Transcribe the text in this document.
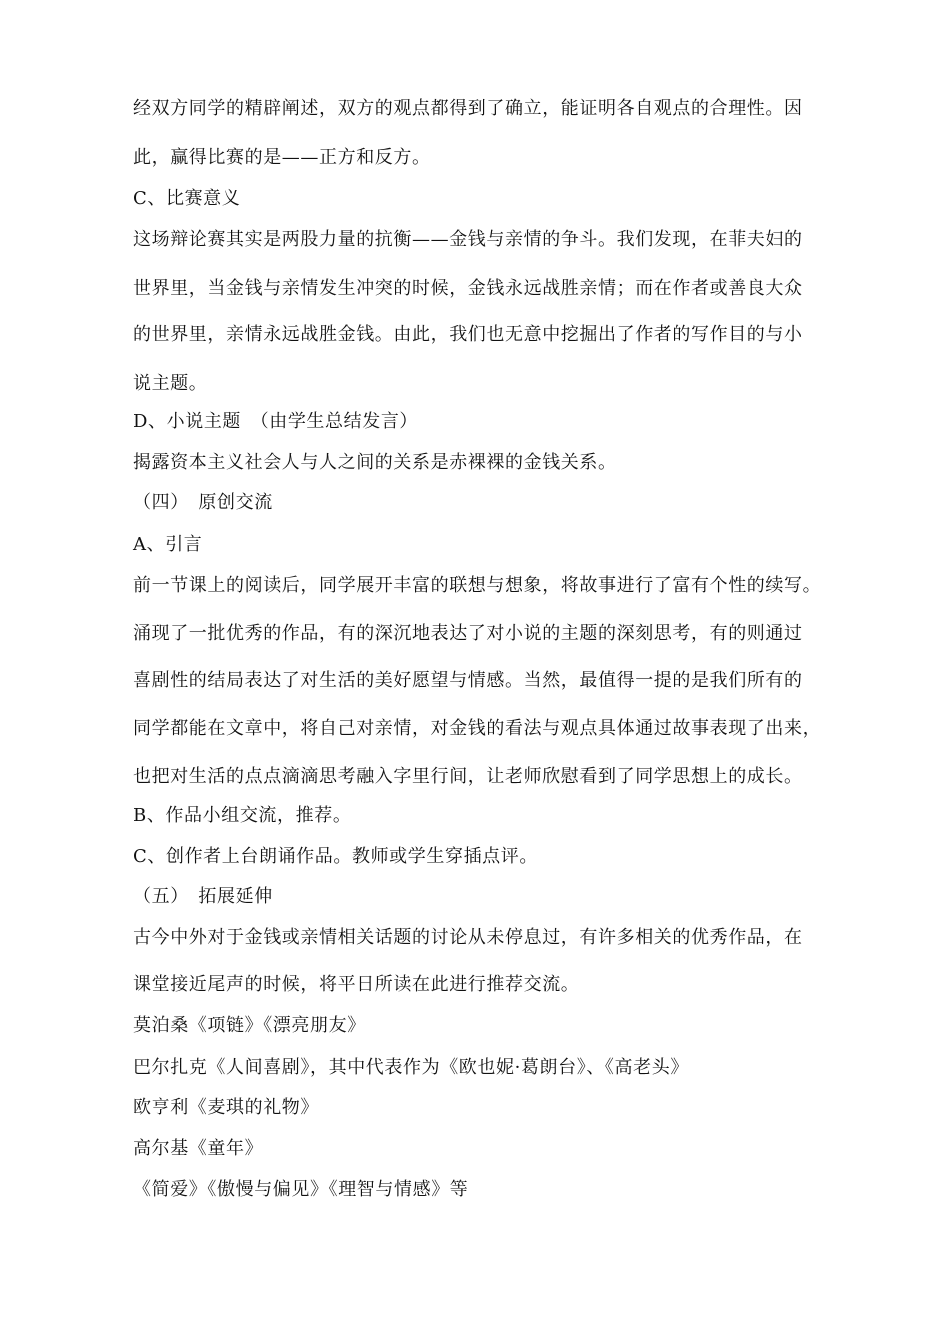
经双方同学的精辟阐述，双方的观点都得到了确立，能证明各自观点的合理性。因
此，赢得比赛的是——正方和反方。
C、比赛意义
这场辩论赛其实是两股力量的抗衡——金钱与亲情的争斗。我们发现，在菲夫妇的
世界里，当金钱与亲情发生冲突的时候，金钱永远战胜亲情；而在作者或善良大众
的世界里，亲情永远战胜金钱。由此，我们也无意中挖掘出了作者的写作目的与小
说主题。
D、小说主题　（由学生总结发言）
揭露资本主义社会人与人之间的关系是赤裸裸的金钱关系。
（四）　原创交流
A、引言
前一节课上的阅读后，同学展开丰富的联想与想象，将故事进行了富有个性的续写。
涌现了一批优秀的作品，有的深沉地表达了对小说的主题的深刻思考，有的则通过
喜剧性的结局表达了对生活的美好愿望与情感。当然，最值得一提的是我们所有的
同学都能在文章中，将自己对亲情，对金钱的看法与观点具体通过故事表现了出来，
也把对生活的点点滴滴思考融入字里行间，让老师欣慰看到了同学思想上的成长。
B、作品小组交流，推荐。
C、创作者上台朗诵作品。教师或学生穿插点评。
（五）　拓展延伸
古今中外对于金钱或亲情相关话题的讨论从未停息过，有许多相关的优秀作品，在
课堂接近尾声的时候，将平日所读在此进行推荐交流。
莫泊桑《项链》《漂亮朋友》
巴尔扎克《人间喜剧》，其中代表作为《欧也妮·葛朗台》、《高老头》
欧亨利《麦琪的礼物》
高尔基《童年》
《简爱》《傲慢与偏见》《理智与情感》等
